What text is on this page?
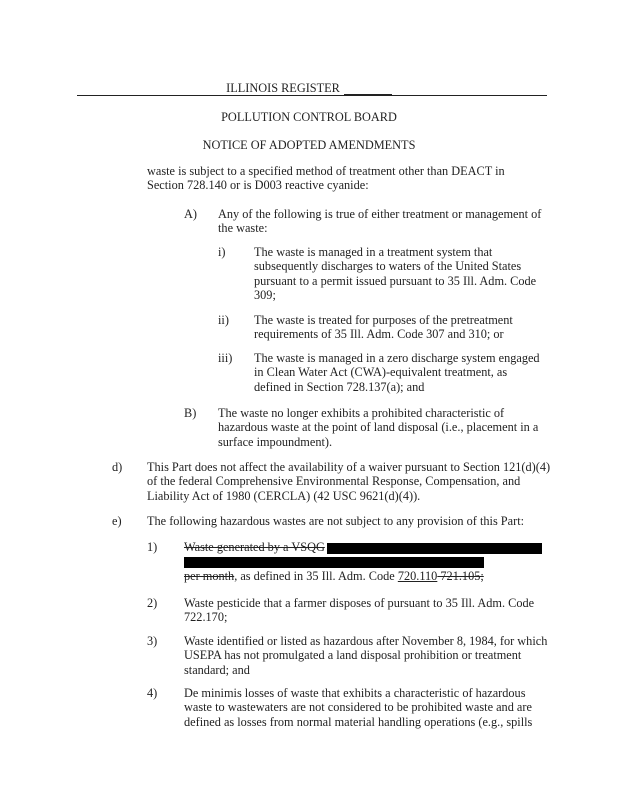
ILLINOIS REGISTER
POLLUTION CONTROL BOARD
NOTICE OF ADOPTED AMENDMENTS
waste is subject to a specified method of treatment other than DEACT in
Section 728.140 or is D003 reactive cyanide:
A) Any of the following is true of either treatment or management of
the waste:
i) The waste is managed in a treatment system that
subsequently discharges to waters of the United States
pursuant to a permit issued pursuant to 35 Ill. Adm. Code
309;
ii) The waste is treated for purposes of the pretreatment
requirements of 35 Ill. Adm. Code 307 and 310; or
iii) The waste is managed in a zero discharge system engaged
in Clean Water Act (CWA)-equivalent treatment, as
defined in Section 728.137(a); and
B) The waste no longer exhibits a prohibited characteristic of
hazardous waste at the point of land disposal (i.e., placement in a
surface impoundment).
d) This Part does not affect the availability of a waiver pursuant to Section 121(d)(4)
of the federal Comprehensive Environmental Response, Compensation, and
Liability Act of 1980 (CERCLA) (42 USC 9621(d)(4)).
e) The following hazardous wastes are not subject to any provision of this Part:
1) Waste generated by a VSQG
per month, as defined in 35 Ill. Adm. Code 720.110 721.105;
2) Waste pesticide that a farmer disposes of pursuant to 35 Ill. Adm. Code
722.170;
3) Waste identified or listed as hazardous after November 8, 1984, for which
USEPA has not promulgated a land disposal prohibition or treatment
standard; and
4) De minimis losses of waste that exhibits a characteristic of hazardous
waste to wastewaters are not considered to be prohibited waste and are
defined as losses from normal material handling operations (e.g., spills
